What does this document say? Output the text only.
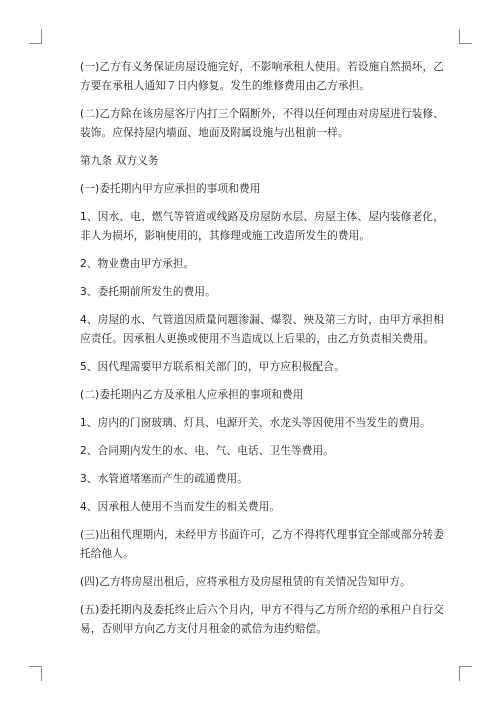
(一)乙方有义务保证房屋设施完好，不影响承租人使用。若设施自然损坏，乙方要在承租人通知７日内修复。发生的维修费用由乙方承担。

(二)乙方除在该房屋客厅内打三个隔断外，不得以任何理由对房屋进行装修、装饰。应保持屋内墙面、地面及附属设施与出租前一样。

第九条 双方义务

(一)委托期内甲方应承担的事项和费用

1、因水、电、燃气等管道或线路及房屋防水层、房屋主体、屋内装修老化，非人为损坏，影响使用的，其修理或施工改造所发生的费用。

2、物业费由甲方承担。

3、委托期前所发生的费用。

4、房屋的水、气管道因质量问题渗漏、爆裂、殃及第三方时，由甲方承担相应责任。因承租人更换或使用不当造成以上后果的，由乙方负责相关费用。

5、因代理需要甲方联系相关部门的，甲方应积极配合。

(二)委托期内乙方及承租人应承担的事项和费用

1、房内的门窗玻璃、灯具、电源开关、水龙头等因使用不当发生的费用。

2、合同期内发生的水、电、气、电话、卫生等费用。

3、水管道堵塞而产生的疏通费用。

4、因承租人使用不当而发生的相关费用。

(三)出租代理期内，未经甲方书面许可，乙方不得将代理事宜全部或部分转委托给他人。

(四)乙方将房屋出租后，应将承租方及房屋租赁的有关情况告知甲方。

(五)委托期内及委托终止后六个月内，甲方不得与乙方所介绍的承租户自行交易，否则甲方向乙方支付月租金的贰倍为违约赔偿。
